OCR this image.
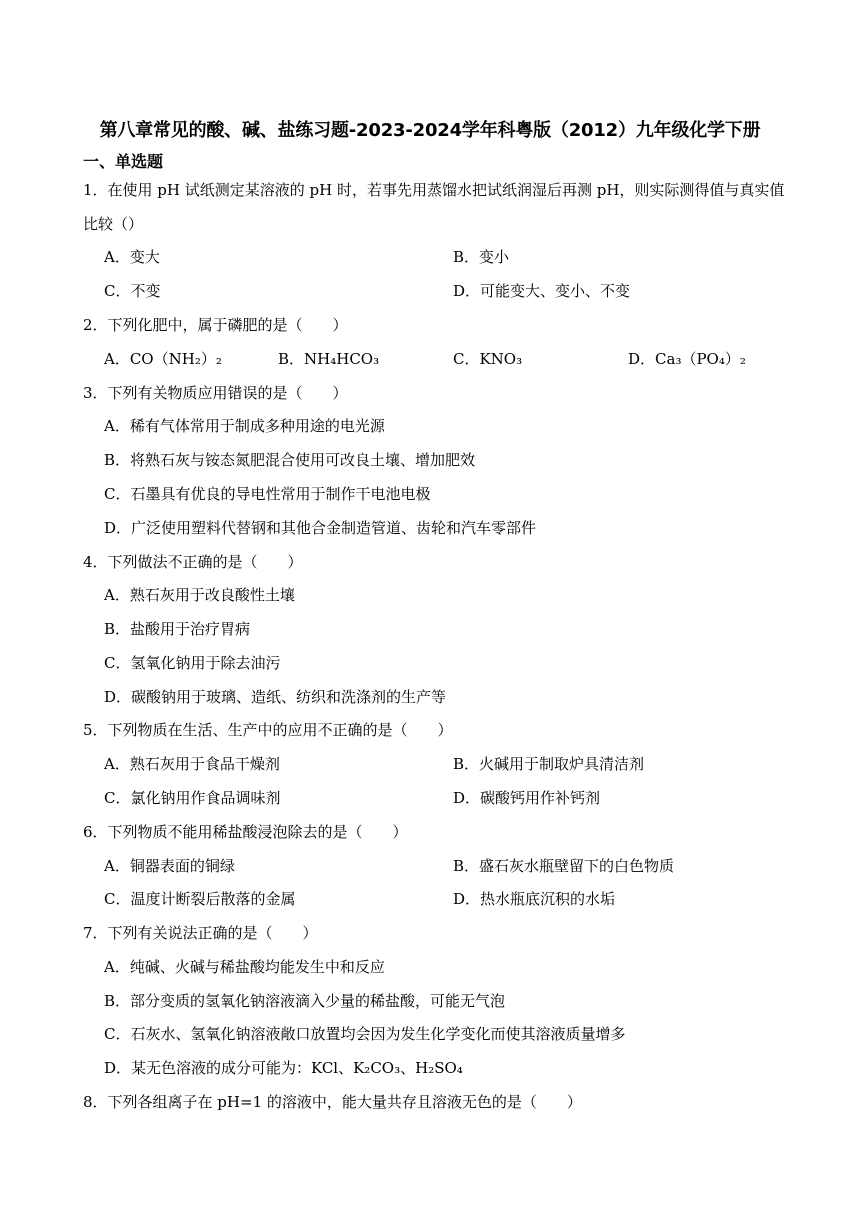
第八章常见的酸、碱、盐练习题-2023-2024学年科粤版（2012）九年级化学下册
一、单选题
1．在使用 pH 试纸测定某溶液的 pH 时，若事先用蒸馏水把试纸润湿后再测 pH，则实际测得值与真实值
比较（）
A．变大	B．变小
C．不变	D．可能变大、变小、不变
2．下列化肥中，属于磷肥的是（　　）
A．CO（NH₂）₂	B．NH₄HCO₃	C．KNO₃	D．Ca₃（PO₄）₂
3．下列有关物质应用错误的是（　　）
A．稀有气体常用于制成多种用途的电光源
B．将熟石灰与铵态氮肥混合使用可改良土壤、增加肥效
C．石墨具有优良的导电性常用于制作干电池电极
D．广泛使用塑料代替钢和其他合金制造管道、齿轮和汽车零部件
4．下列做法不正确的是（　　）
A．熟石灰用于改良酸性土壤
B．盐酸用于治疗胃病
C．氢氧化钠用于除去油污
D．碳酸钠用于玻璃、造纸、纺织和洗涤剂的生产等
5．下列物质在生活、生产中的应用不正确的是（　　）
A．熟石灰用于食品干燥剂	B．火碱用于制取炉具清洁剂
C．氯化钠用作食品调味剂	D．碳酸钙用作补钙剂
6．下列物质不能用稀盐酸浸泡除去的是（　　）
A．铜器表面的铜绿	B．盛石灰水瓶壁留下的白色物质
C．温度计断裂后散落的金属	D．热水瓶底沉积的水垢
7．下列有关说法正确的是（　　）
A．纯碱、火碱与稀盐酸均能发生中和反应
B．部分变质的氢氧化钠溶液滴入少量的稀盐酸，可能无气泡
C．石灰水、氢氧化钠溶液敞口放置均会因为发生化学变化而使其溶液质量增多
D．某无色溶液的成分可能为：KCl、K₂CO₃、H₂SO₄
8．下列各组离子在 pH=1 的溶液中，能大量共存且溶液无色的是（　　）
